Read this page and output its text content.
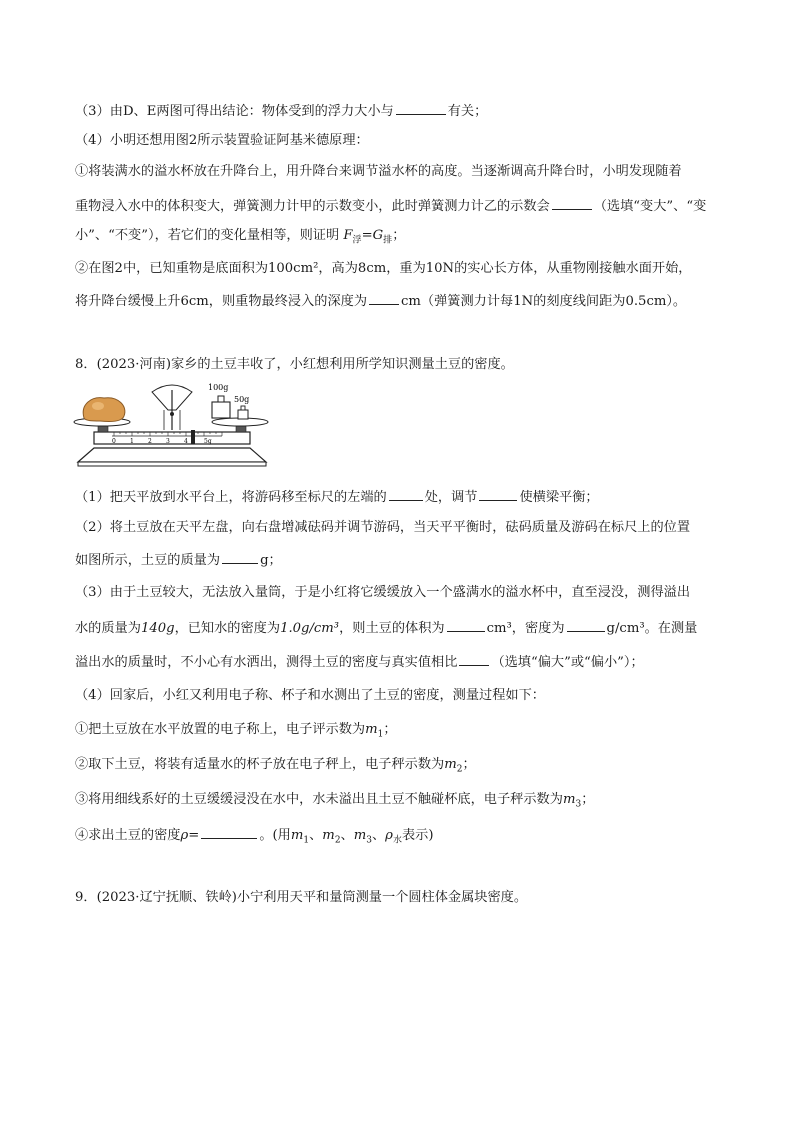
（3）由D、E两图可得出结论：物体受到的浮力大小与	有关；
（4）小明还想用图2所示装置验证阿基米德原理：
①将装满水的溢水杯放在升降台上，用升降台来调节溢水杯的高度。当逐渐调高升降台时，小明发现随着
重物浸入水中的体积变大，弹簧测力计甲的示数变小，此时弹簧测力计乙的示数会	（选填“变大”、“变
小”、“不变”），若它们的变化量相等，则证明 $F_浮=G_排$；
②在图2中，已知重物是底面积为100cm²，高为8cm，重为10N的实心长方体，从重物刚接触水面开始，
将升降台缓慢上升6cm，则重物最终浸入的深度为	cm（弹簧测力计每1N的刻度线间距为0.5cm）。
8．(2023·河南)家乡的土豆丰收了，小红想利用所学知识测量土豆的密度。
0 1 2 3 4	5g
100g
50g
（1）把天平放到水平台上，将游码移至标尺的左端的	处，调节	使横梁平衡；
（2）将土豆放在天平左盘，向右盘增减砝码并调节游码，当天平平衡时，砝码质量及游码在标尺上的位置
如图所示，土豆的质量为	g；
（3）由于土豆较大，无法放入量筒，于是小红将它缓缓放入一个盛满水的溢水杯中，直至浸没，测得溢出
水的质量为140g，已知水的密度为1.0g/cm³，则土豆的体积为	cm³，密度为	g/cm³。在测量
溢出水的质量时，不小心有水洒出，测得土豆的密度与真实值相比	（选填“偏大”或“偏小”）；
（4）回家后，小红又利用电子称、杯子和水测出了土豆的密度，测量过程如下：
①把土豆放在水平放置的电子称上，电子评示数为$m_1$；
②取下土豆，将装有适量水的杯子放在电子秤上，电子秤示数为$m_2$；
③将用细线系好的土豆缓缓浸没在水中，水未溢出且土豆不触碰杯底，电子秤示数为$m_3$；
④求出土豆的密度ρ=	。(用$m_1$、$m_2$、$m_3$、$\rho_水$表示)
9．(2023·辽宁抚顺、铁岭)小宁利用天平和量筒测量一个圆柱体金属块密度。
